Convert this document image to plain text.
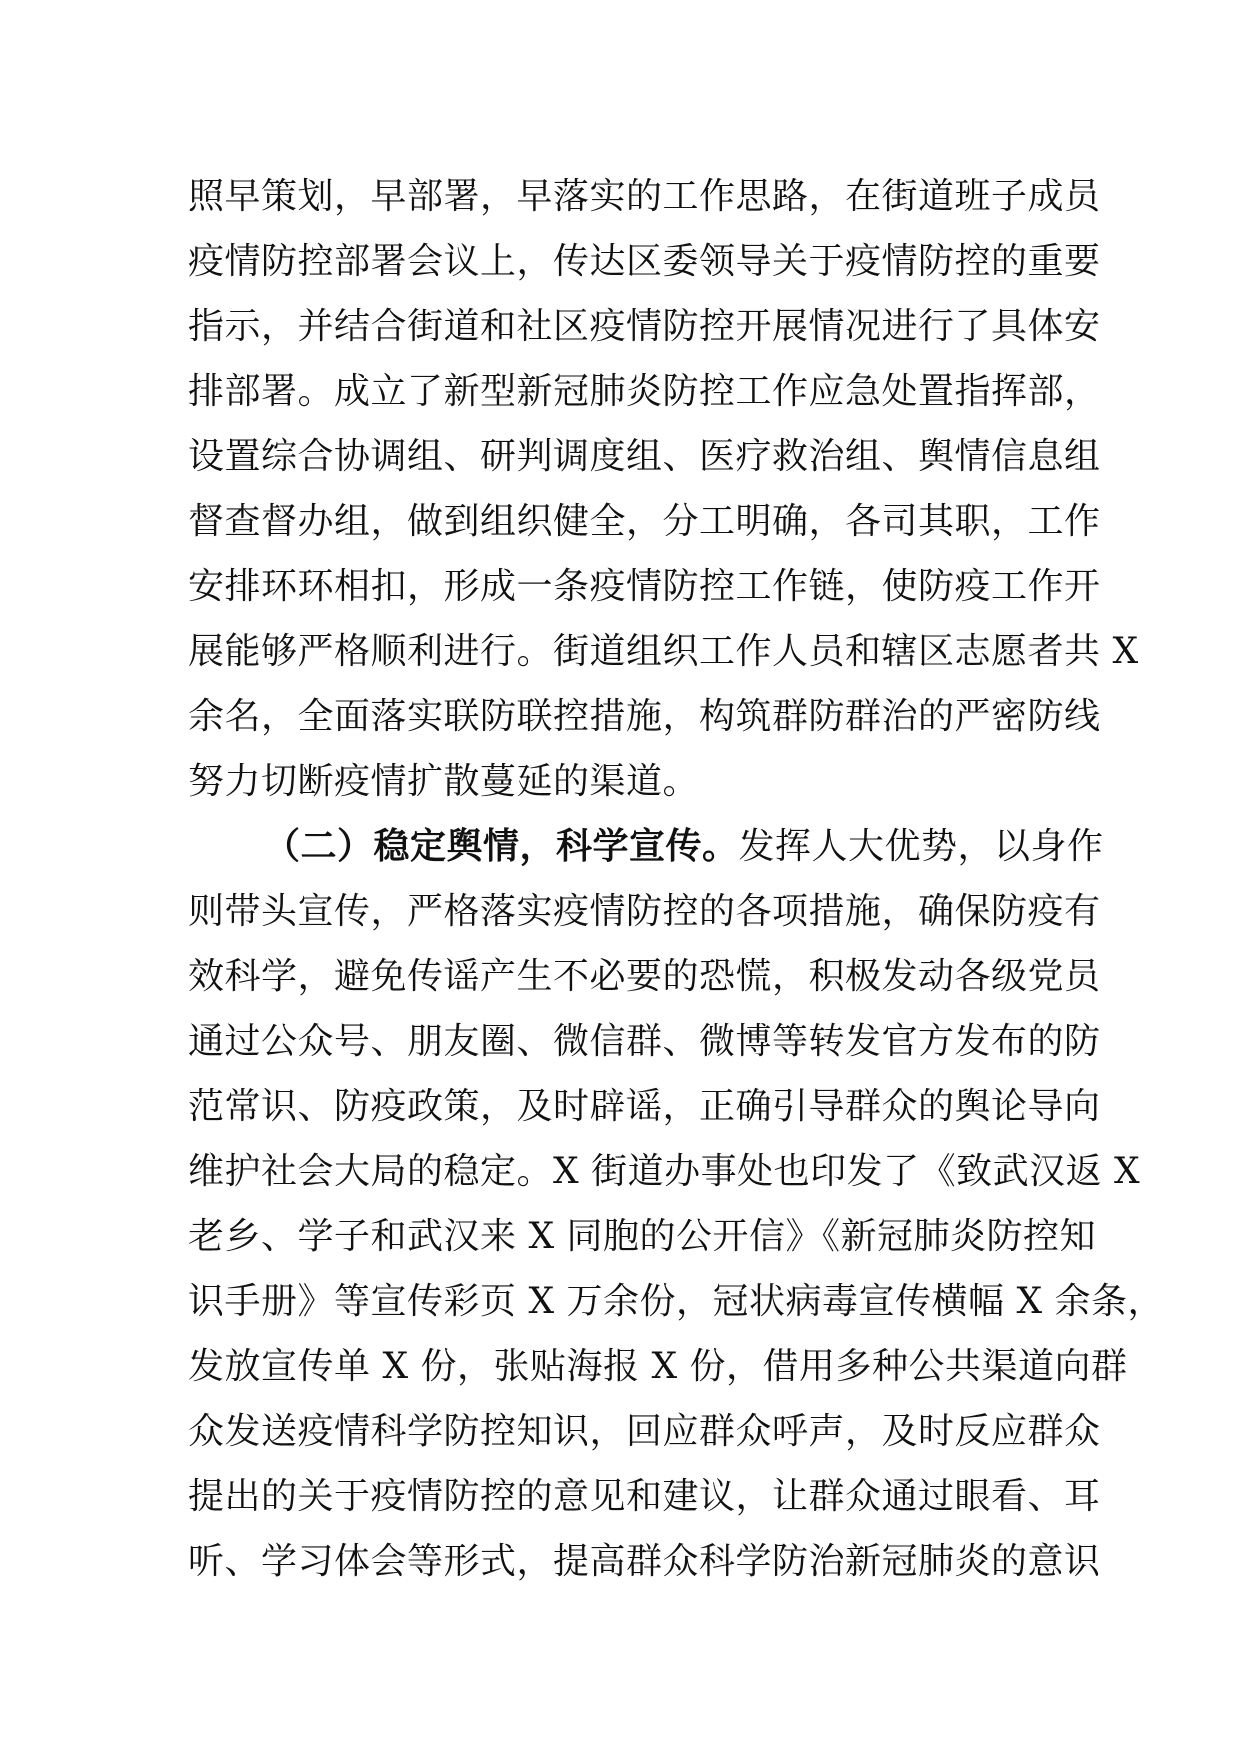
照早策划，早部署，早落实的工作思路，在街道班子成员
疫情防控部署会议上，传达区委领导关于疫情防控的重要
指示，并结合街道和社区疫情防控开展情况进行了具体安
排部署。成立了新型新冠肺炎防控工作应急处置指挥部，
设置综合协调组、研判调度组、医疗救治组、舆情信息组
督查督办组，做到组织健全，分工明确，各司其职，工作
安排环环相扣，形成一条疫情防控工作链，使防疫工作开
展能够严格顺利进行。街道组织工作人员和辖区志愿者共 X
余名，全面落实联防联控措施，构筑群防群治的严密防线
努力切断疫情扩散蔓延的渠道。
（二）稳定舆情，科学宣传。发挥人大优势，以身作
则带头宣传，严格落实疫情防控的各项措施，确保防疫有
效科学，避免传谣产生不必要的恐慌，积极发动各级党员
通过公众号、朋友圈、微信群、微博等转发官方发布的防
范常识、防疫政策，及时辟谣，正确引导群众的舆论导向
维护社会大局的稳定。X 街道办事处也印发了《致武汉返 X
老乡、学子和武汉来 X 同胞的公开信》《新冠肺炎防控知
识手册》等宣传彩页 X 万余份，冠状病毒宣传横幅 X 余条，
发放宣传单 X 份，张贴海报 X 份，借用多种公共渠道向群
众发送疫情科学防控知识，回应群众呼声，及时反应群众
提出的关于疫情防控的意见和建议，让群众通过眼看、耳
听、学习体会等形式，提高群众科学防治新冠肺炎的意识
